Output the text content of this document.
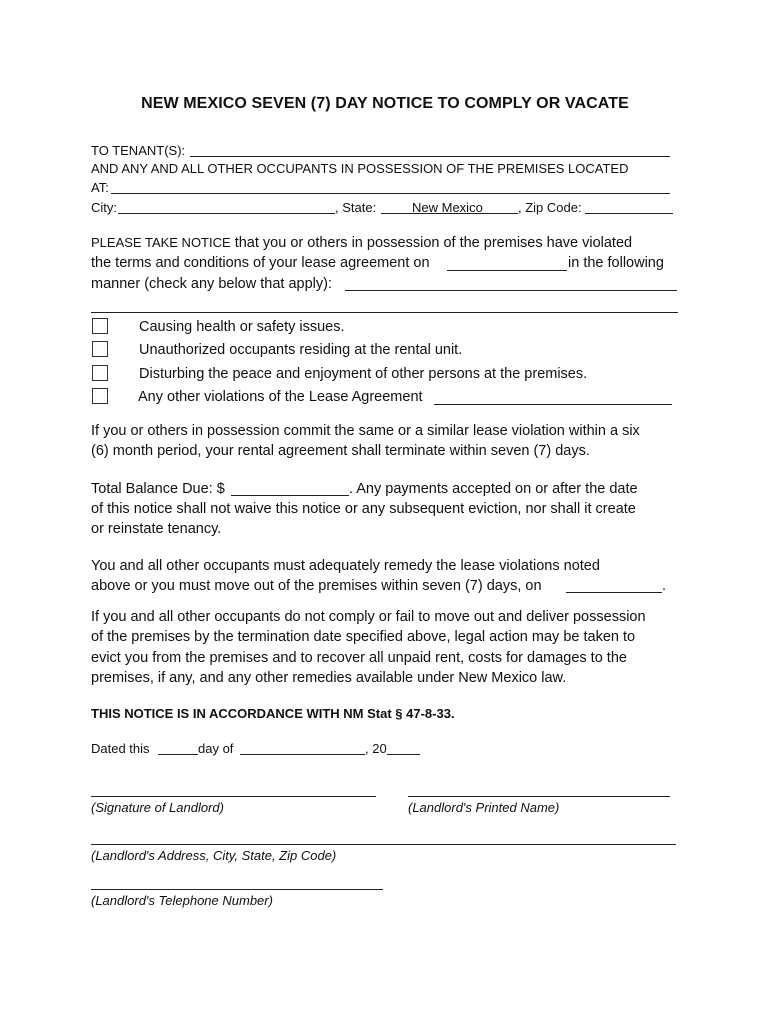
NEW MEXICO SEVEN (7) DAY NOTICE TO COMPLY OR VACATE
TO TENANT(S):
AND ANY AND ALL OTHER OCCUPANTS IN POSSESSION OF THE PREMISES LOCATED
AT:
City:	, State:	New Mexico	, Zip Code:
PLEASE TAKE NOTICE that you or others in possession of the premises have violated
the terms and conditions of your lease agreement on	in the following
manner (check any below that apply):
Causing health or safety issues.
Unauthorized occupants residing at the rental unit.
Disturbing the peace and enjoyment of other persons at the premises.
Any other violations of the Lease Agreement
If you or others in possession commit the same or a similar lease violation within a six
(6) month period, your rental agreement shall terminate within seven (7) days.
Total Balance Due: $	. Any payments accepted on or after the date
of this notice shall not waive this notice or any subsequent eviction, nor shall it create
or reinstate tenancy.
You and all other occupants must adequately remedy the lease violations noted
above or you must move out of the premises within seven (7) days, on	.
If you and all other occupants do not comply or fail to move out and deliver possession
of the premises by the termination date specified above, legal action may be taken to
evict you from the premises and to recover all unpaid rent, costs for damages to the
premises, if any, and any other remedies available under New Mexico law.
THIS NOTICE IS IN ACCORDANCE WITH NM Stat § 47-8-33.
Dated this	day of	, 20
(Signature of Landlord)	(Landlord's Printed Name)
(Landlord's Address, City, State, Zip Code)
(Landlord's Telephone Number)
